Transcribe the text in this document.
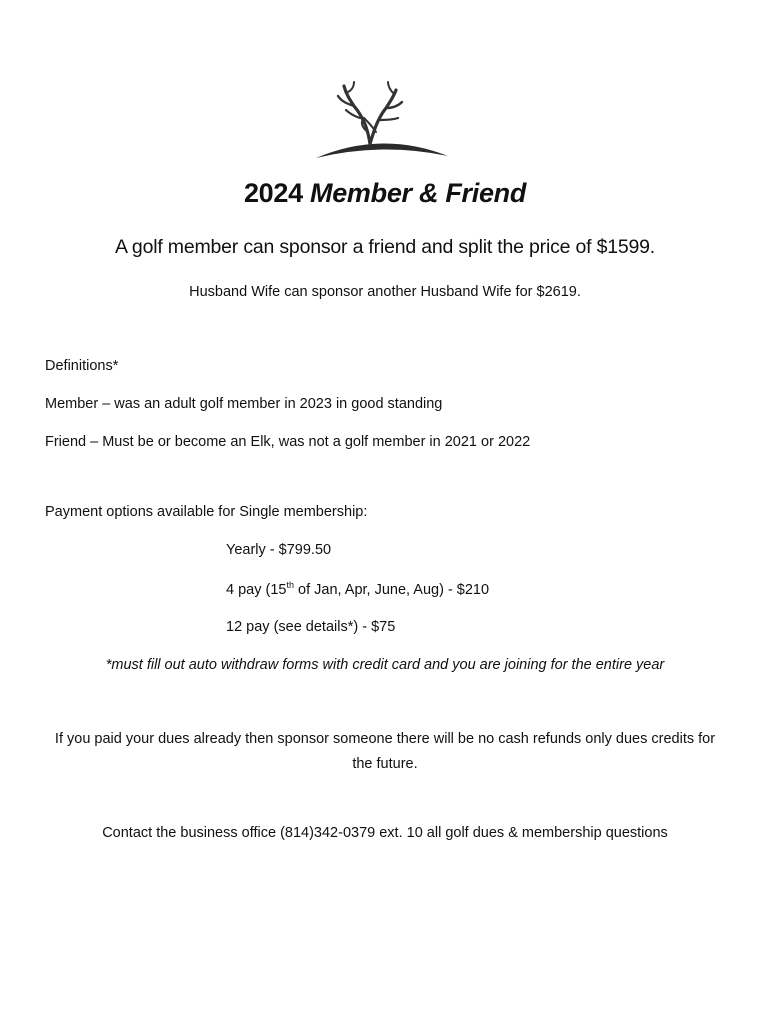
2024 Member & Friend
A golf member can sponsor a friend and split the price of $1599.
Husband Wife can sponsor another Husband Wife for $2619.
Definitions*
Member – was an adult golf member in 2023 in good standing
Friend – Must be or become an Elk, was not a golf member in 2021 or 2022
Payment options available for Single membership:
Yearly - $799.50
4 pay (15th of Jan, Apr, June, Aug) - $210
12 pay (see details*) - $75
*must fill out auto withdraw forms with credit card and you are joining for the entire year
If you paid your dues already then sponsor someone there will be no cash refunds only dues credits for the future.
Contact the business office (814)342-0379 ext. 10 all golf dues & membership questions
